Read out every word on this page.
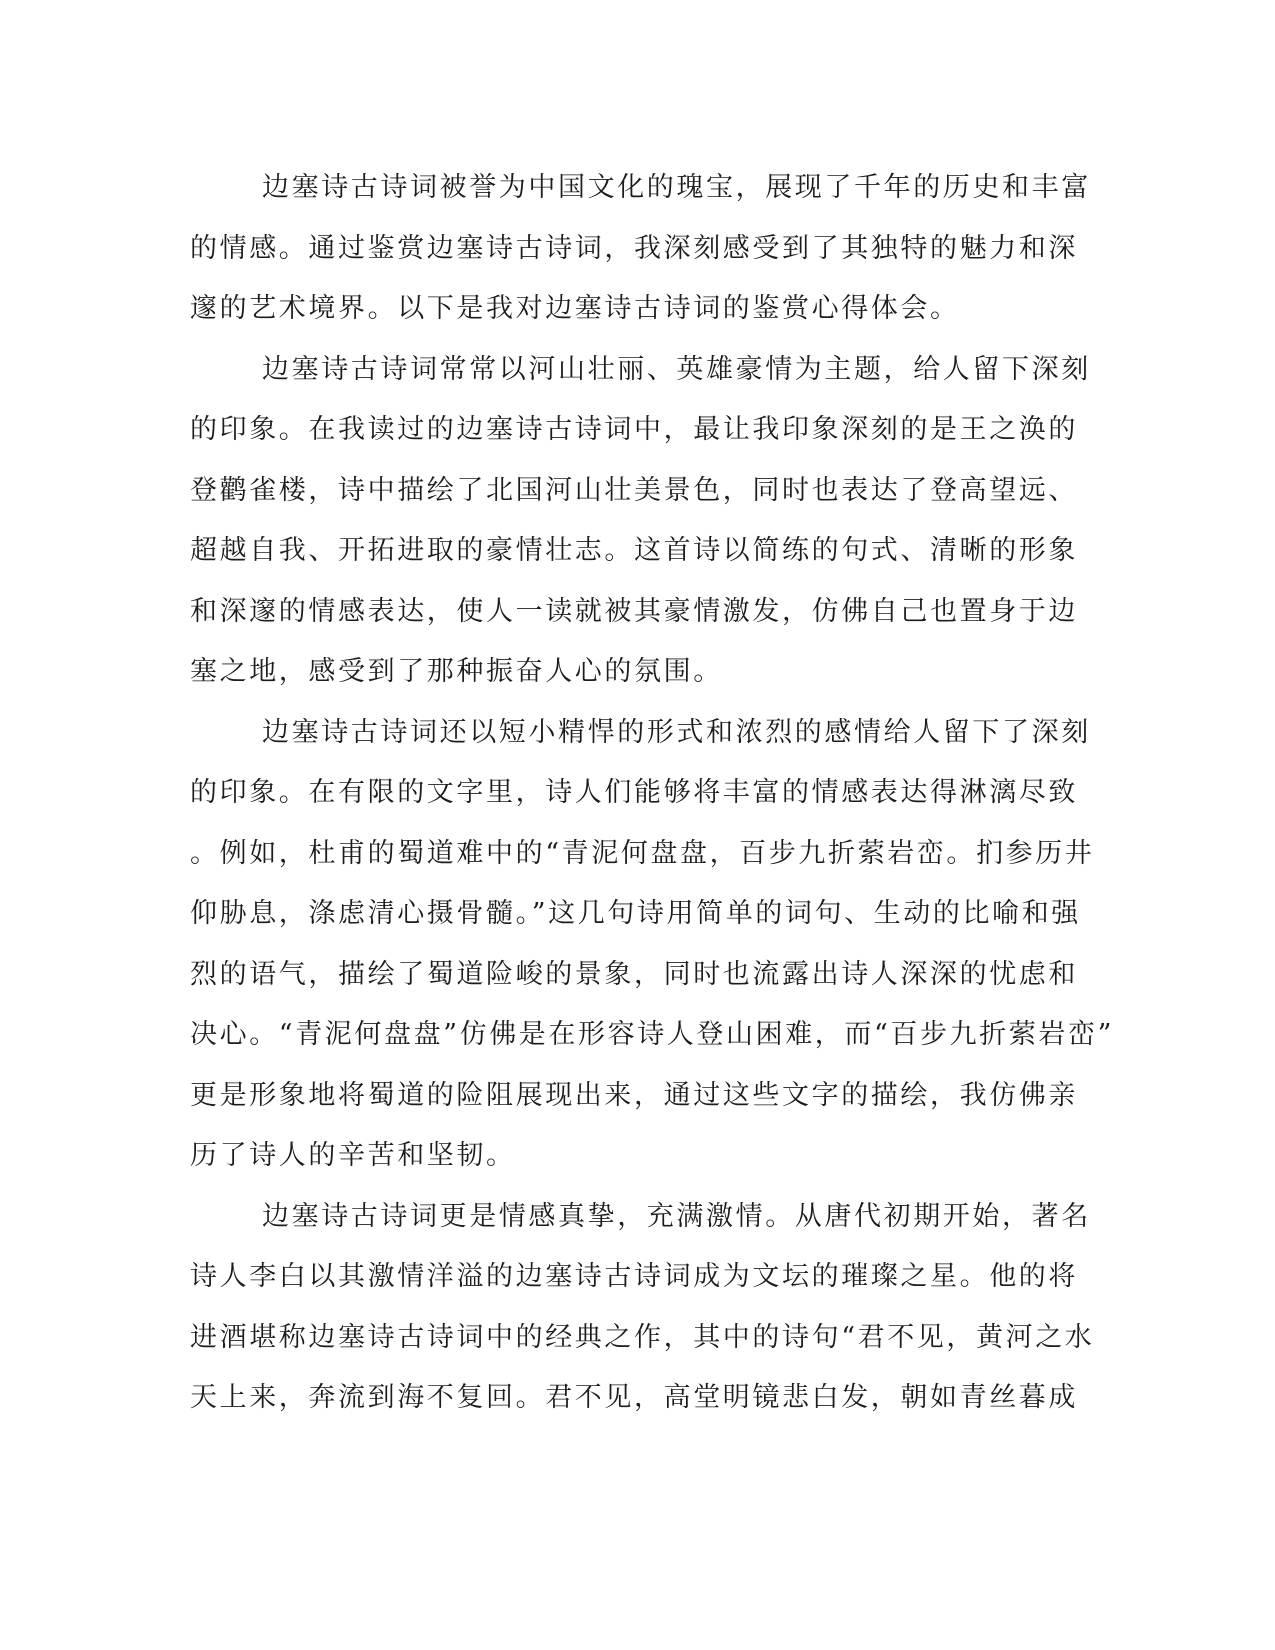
边塞诗古诗词被誉为中国文化的瑰宝，展现了千年的历史和丰富
的情感。通过鉴赏边塞诗古诗词，我深刻感受到了其独特的魅力和深
邃的艺术境界。以下是我对边塞诗古诗词的鉴赏心得体会。
边塞诗古诗词常常以河山壮丽、英雄豪情为主题，给人留下深刻
的印象。在我读过的边塞诗古诗词中，最让我印象深刻的是王之涣的
登鹳雀楼，诗中描绘了北国河山壮美景色，同时也表达了登高望远、
超越自我、开拓进取的豪情壮志。这首诗以简练的句式、清晰的形象
和深邃的情感表达，使人一读就被其豪情激发，仿佛自己也置身于边
塞之地，感受到了那种振奋人心的氛围。
边塞诗古诗词还以短小精悍的形式和浓烈的感情给人留下了深刻
的印象。在有限的文字里，诗人们能够将丰富的情感表达得淋漓尽致
。例如，杜甫的蜀道难中的“青泥何盘盘，百步九折萦岩峦。扪参历井
仰胁息，涤虑清心摄骨髓。”这几句诗用简单的词句、生动的比喻和强
烈的语气，描绘了蜀道险峻的景象，同时也流露出诗人深深的忧虑和
决心。“青泥何盘盘”仿佛是在形容诗人登山困难，而“百步九折萦岩峦”
更是形象地将蜀道的险阻展现出来，通过这些文字的描绘，我仿佛亲
历了诗人的辛苦和坚韧。
边塞诗古诗词更是情感真挚，充满激情。从唐代初期开始，著名
诗人李白以其激情洋溢的边塞诗古诗词成为文坛的璀璨之星。他的将
进酒堪称边塞诗古诗词中的经典之作，其中的诗句“君不见，黄河之水
天上来，奔流到海不复回。君不见，高堂明镜悲白发，朝如青丝暮成
